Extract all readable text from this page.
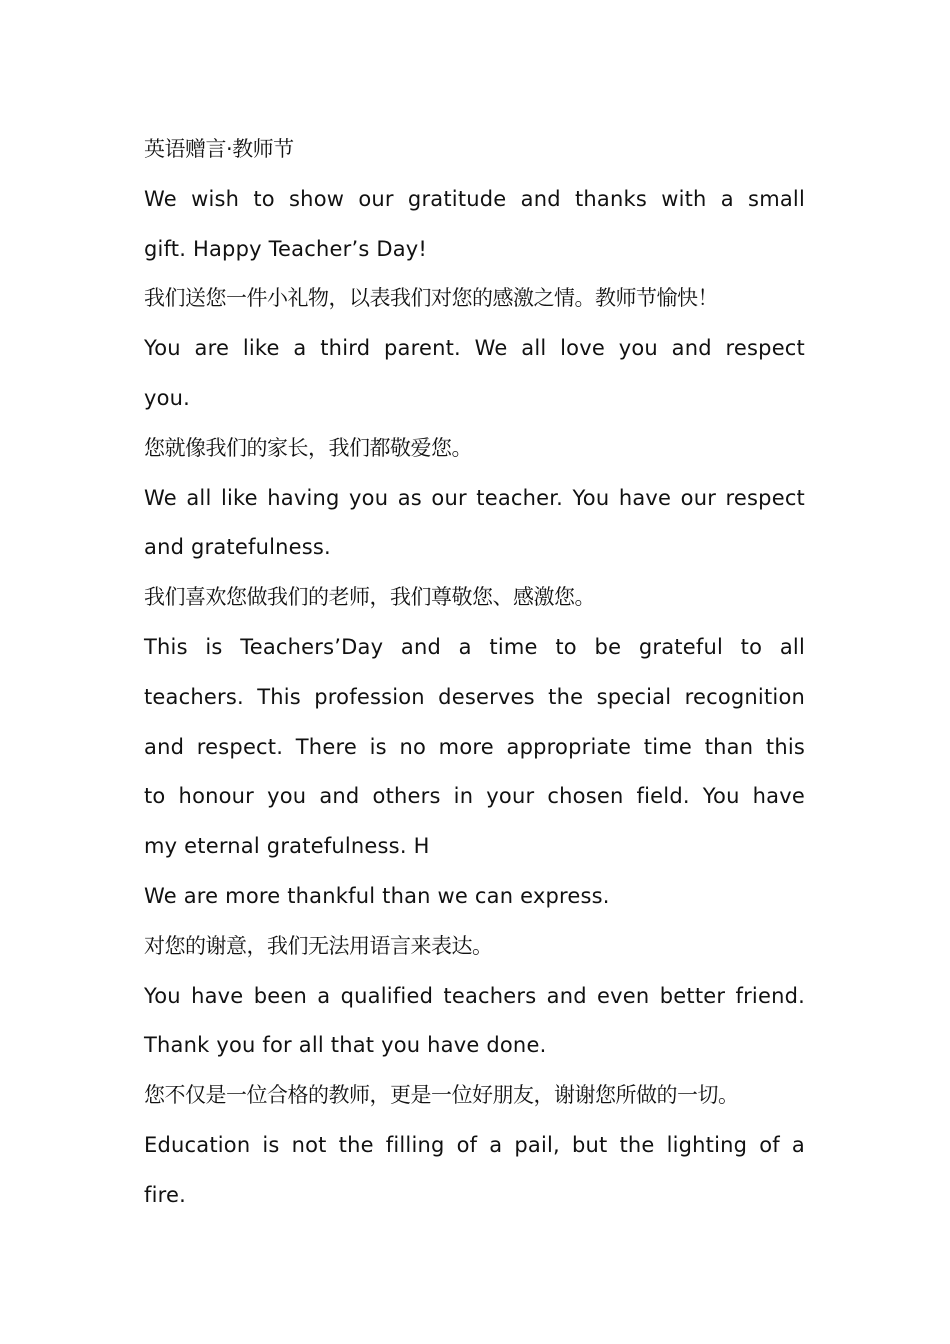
英语赠言·教师节
We wish to show our gratitude and thanks with a small
gift. Happy Teacher’s Day!
我们送您一件小礼物，以表我们对您的感激之情。教师节愉快！
You are like a third parent. We all love you and respect
you.
您就像我们的家长，我们都敬爱您。
We all like having you as our teacher. You have our respect
and gratefulness.
我们喜欢您做我们的老师，我们尊敬您、感激您。
This is Teachers’Day and a time to be grateful to all
teachers. This profession deserves the special recognition
and respect. There is no more appropriate time than this
to honour you and others in your chosen field. You have
my eternal gratefulness. H
We are more thankful than we can express.
对您的谢意，我们无法用语言来表达。
You have been a qualified teachers and even better friend.
Thank you for all that you have done.
您不仅是一位合格的教师，更是一位好朋友，谢谢您所做的一切。
Education is not the filling of a pail, but the lighting of a
fire.
